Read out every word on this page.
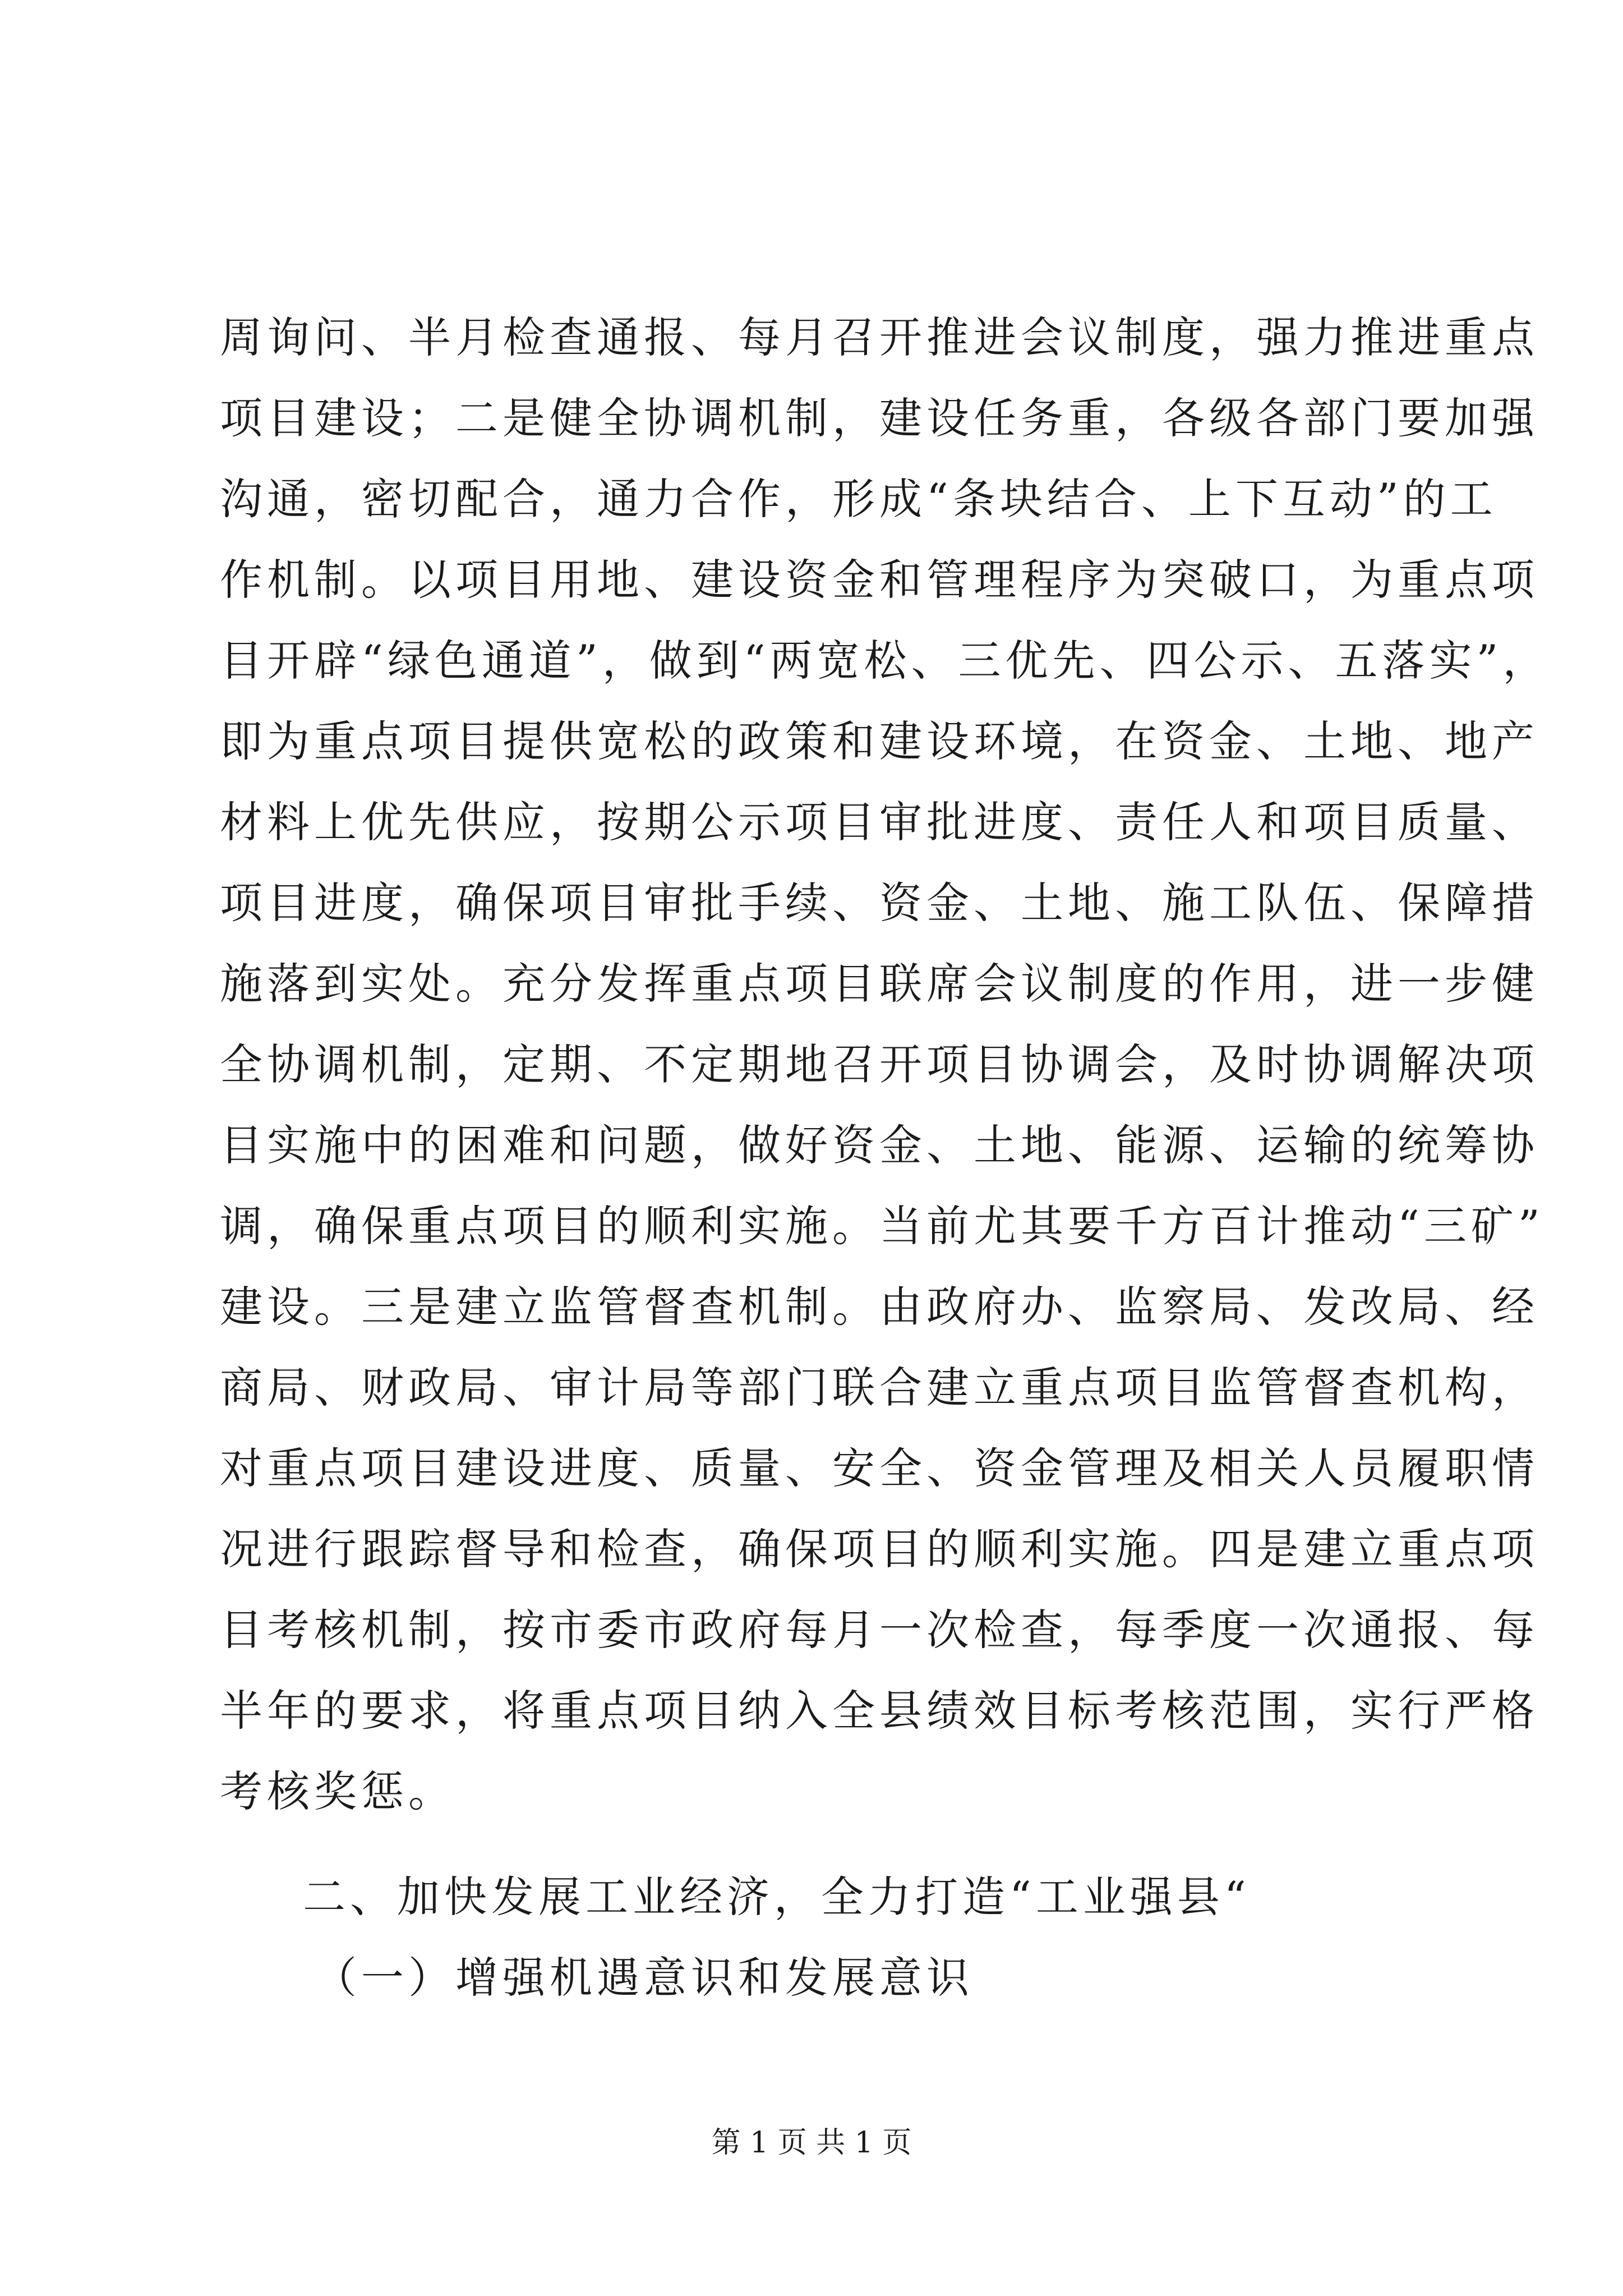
周询问、半月检查通报、每月召开推进会议制度，强力推进重点
项目建设；二是健全协调机制，建设任务重，各级各部门要加强
沟通，密切配合，通力合作，形成“条块结合、上下互动”的工
作机制。以项目用地、建设资金和管理程序为突破口，为重点项
目开辟“绿色通道”，做到“两宽松、三优先、四公示、五落实”，
即为重点项目提供宽松的政策和建设环境，在资金、土地、地产
材料上优先供应，按期公示项目审批进度、责任人和项目质量、
项目进度，确保项目审批手续、资金、土地、施工队伍、保障措
施落到实处。充分发挥重点项目联席会议制度的作用，进一步健
全协调机制，定期、不定期地召开项目协调会，及时协调解决项
目实施中的困难和问题，做好资金、土地、能源、运输的统筹协
调，确保重点项目的顺利实施。当前尤其要千方百计推动“三矿”
建设。三是建立监管督查机制。由政府办、监察局、发改局、经
商局、财政局、审计局等部门联合建立重点项目监管督查机构，
对重点项目建设进度、质量、安全、资金管理及相关人员履职情
况进行跟踪督导和检查，确保项目的顺利实施。四是建立重点项
目考核机制，按市委市政府每月一次检查，每季度一次通报、每
半年的要求，将重点项目纳入全县绩效目标考核范围，实行严格
考核奖惩。
二、加快发展工业经济，全力打造“工业强县“
（一）增强机遇意识和发展意识
第 1 页 共 1 页
